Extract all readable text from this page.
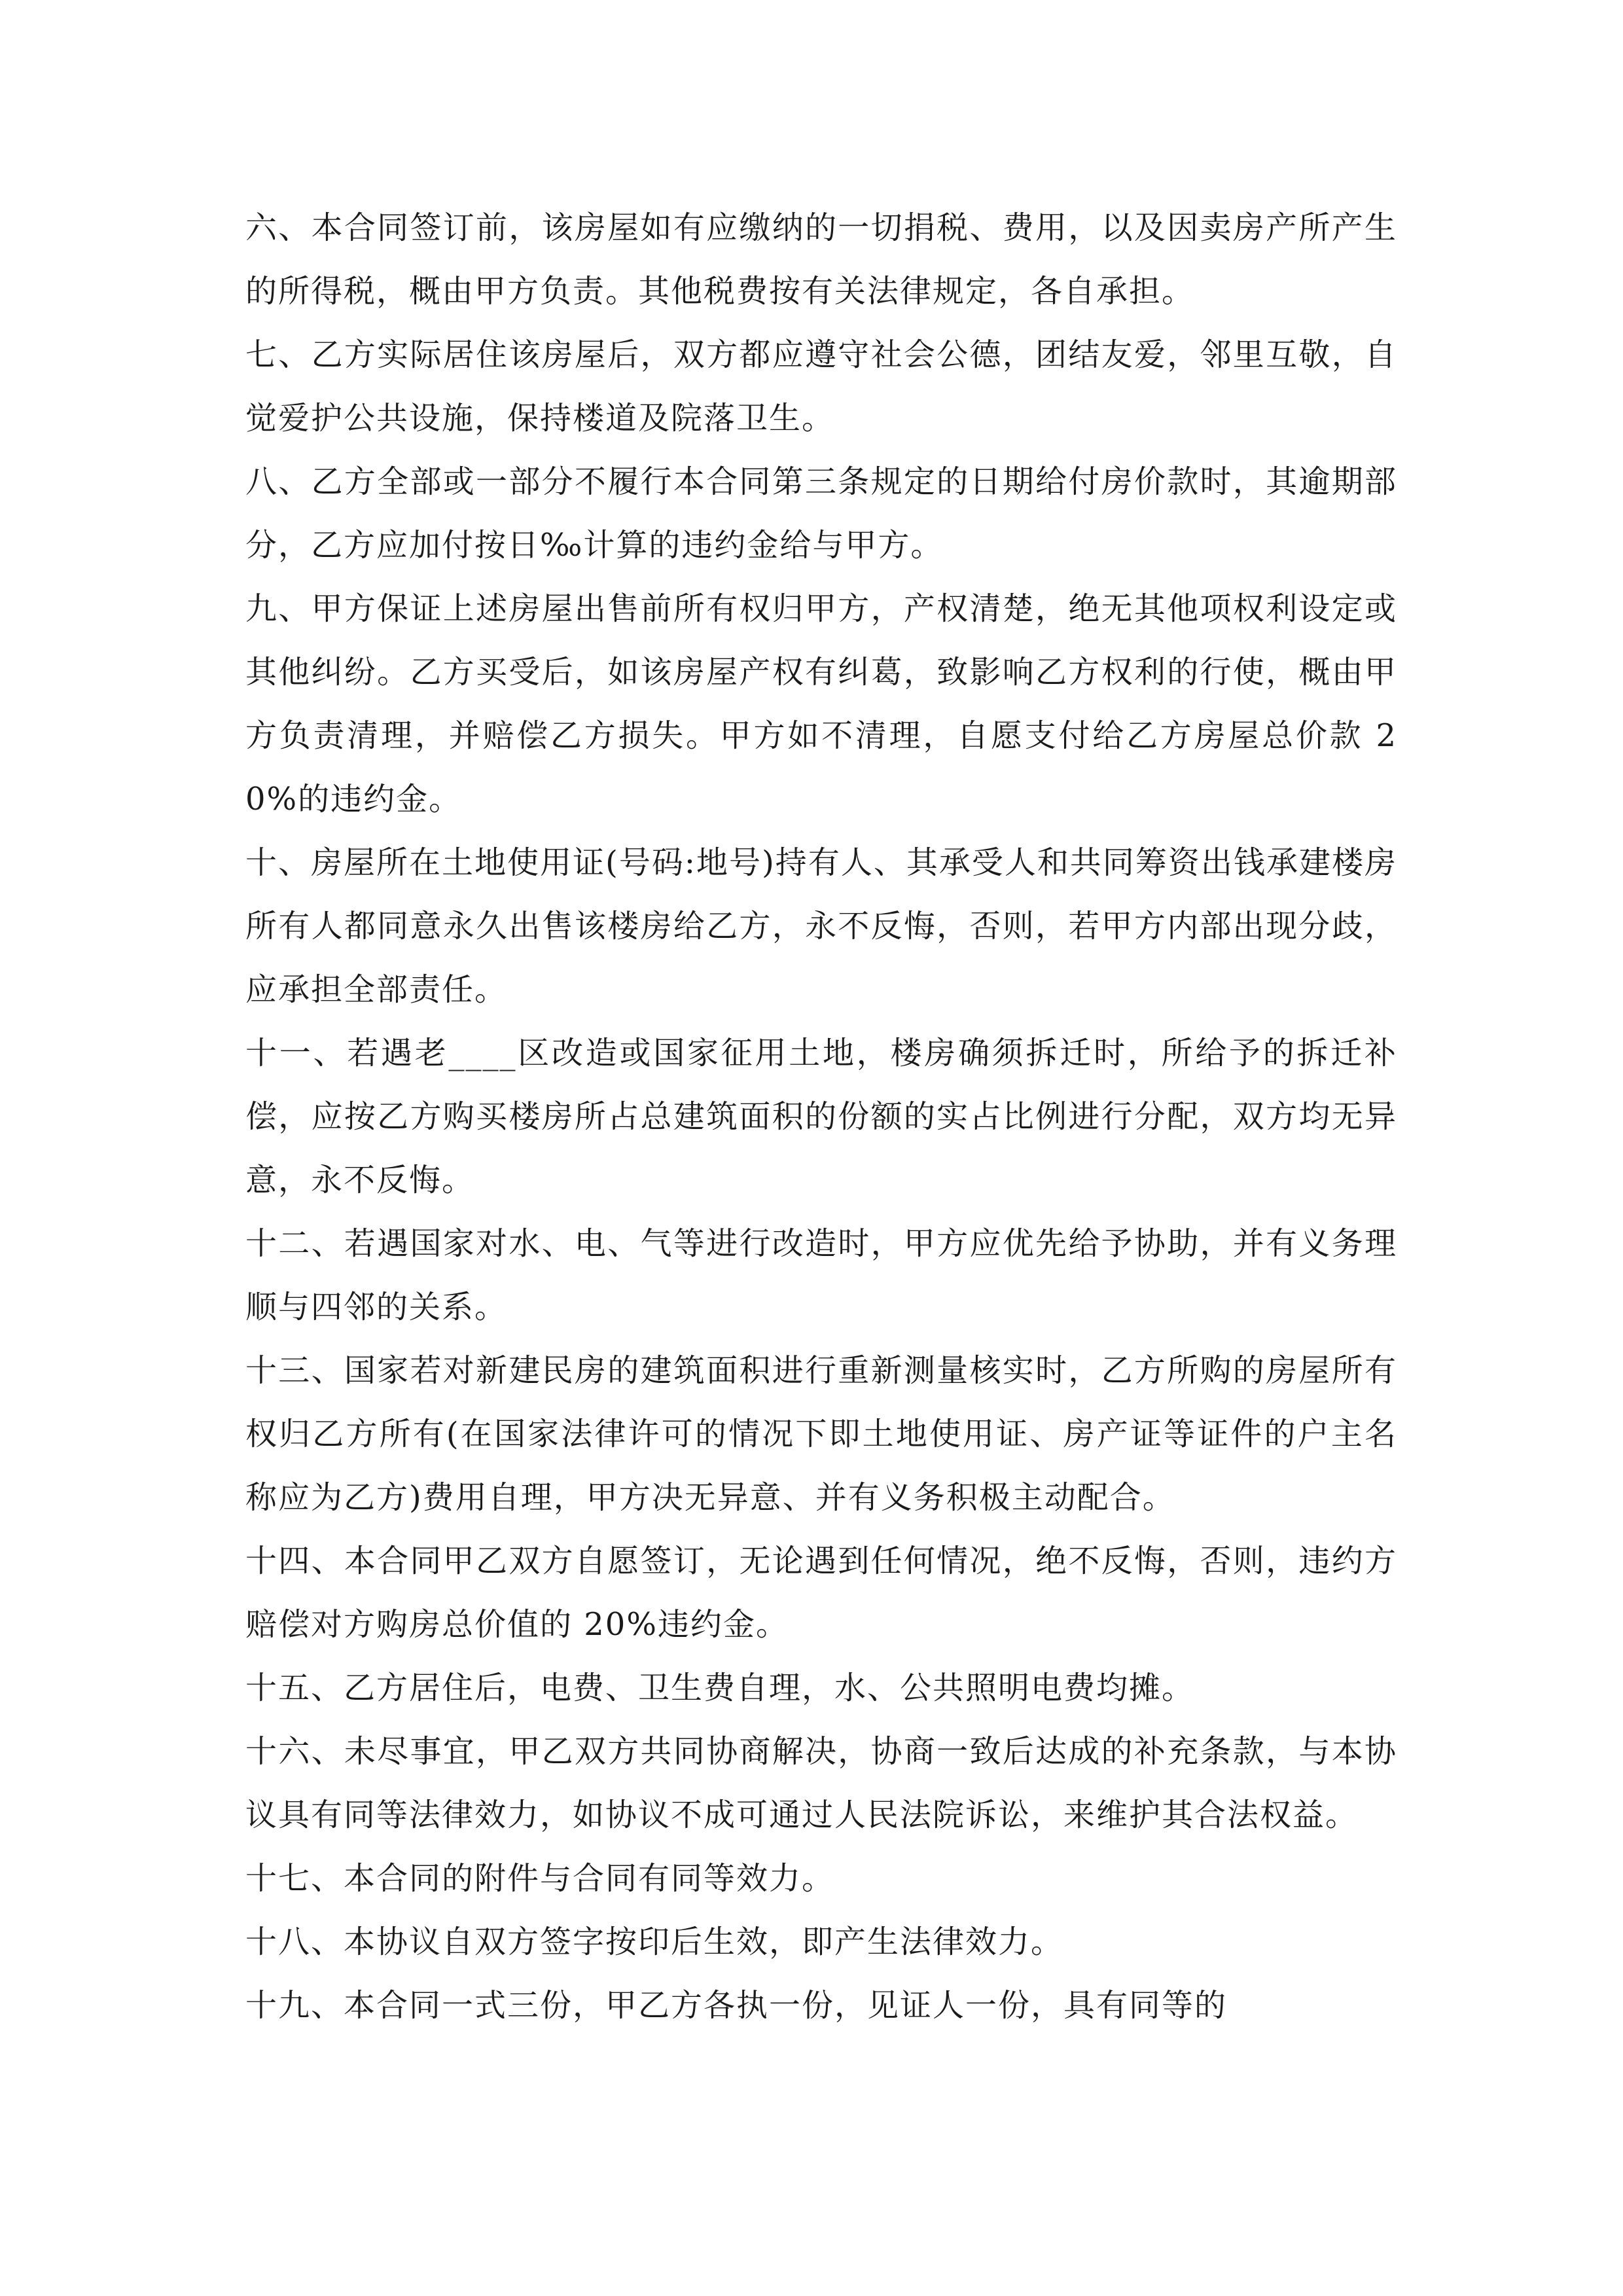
六、本合同签订前，该房屋如有应缴纳的一切捐税、费用，以及因卖房产所产生的所得税，概由甲方负责。其他税费按有关法律规定，各自承担。

七、乙方实际居住该房屋后，双方都应遵守社会公德，团结友爱，邻里互敬，自觉爱护公共设施，保持楼道及院落卫生。

八、乙方全部或一部分不履行本合同第三条规定的日期给付房价款时，其逾期部分，乙方应加付按日‰计算的违约金给与甲方。

九、甲方保证上述房屋出售前所有权归甲方，产权清楚，绝无其他项权利设定或其他纠纷。乙方买受后，如该房屋产权有纠葛，致影响乙方权利的行使，概由甲方负责清理，并赔偿乙方损失。甲方如不清理，自愿支付给乙方房屋总价款 20%的违约金。

十、房屋所在土地使用证(号码:地号)持有人、其承受人和共同筹资出钱承建楼房所有人都同意永久出售该楼房给乙方，永不反悔，否则，若甲方内部出现分歧，应承担全部责任。

十一、若遇老____区改造或国家征用土地，楼房确须拆迁时，所给予的拆迁补偿，应按乙方购买楼房所占总建筑面积的份额的实占比例进行分配，双方均无异意，永不反悔。

十二、若遇国家对水、电、气等进行改造时，甲方应优先给予协助，并有义务理顺与四邻的关系。

十三、国家若对新建民房的建筑面积进行重新测量核实时，乙方所购的房屋所有权归乙方所有(在国家法律许可的情况下即土地使用证、房产证等证件的户主名称应为乙方)费用自理，甲方决无异意、并有义务积极主动配合。

十四、本合同甲乙双方自愿签订，无论遇到任何情况，绝不反悔，否则，违约方赔偿对方购房总价值的 20%违约金。

十五、乙方居住后，电费、卫生费自理，水、公共照明电费均摊。

十六、未尽事宜，甲乙双方共同协商解决，协商一致后达成的补充条款，与本协议具有同等法律效力，如协议不成可通过人民法院诉讼，来维护其合法权益。

十七、本合同的附件与合同有同等效力。

十八、本协议自双方签字按印后生效，即产生法律效力。

十九、本合同一式三份，甲乙方各执一份，见证人一份，具有同等的
